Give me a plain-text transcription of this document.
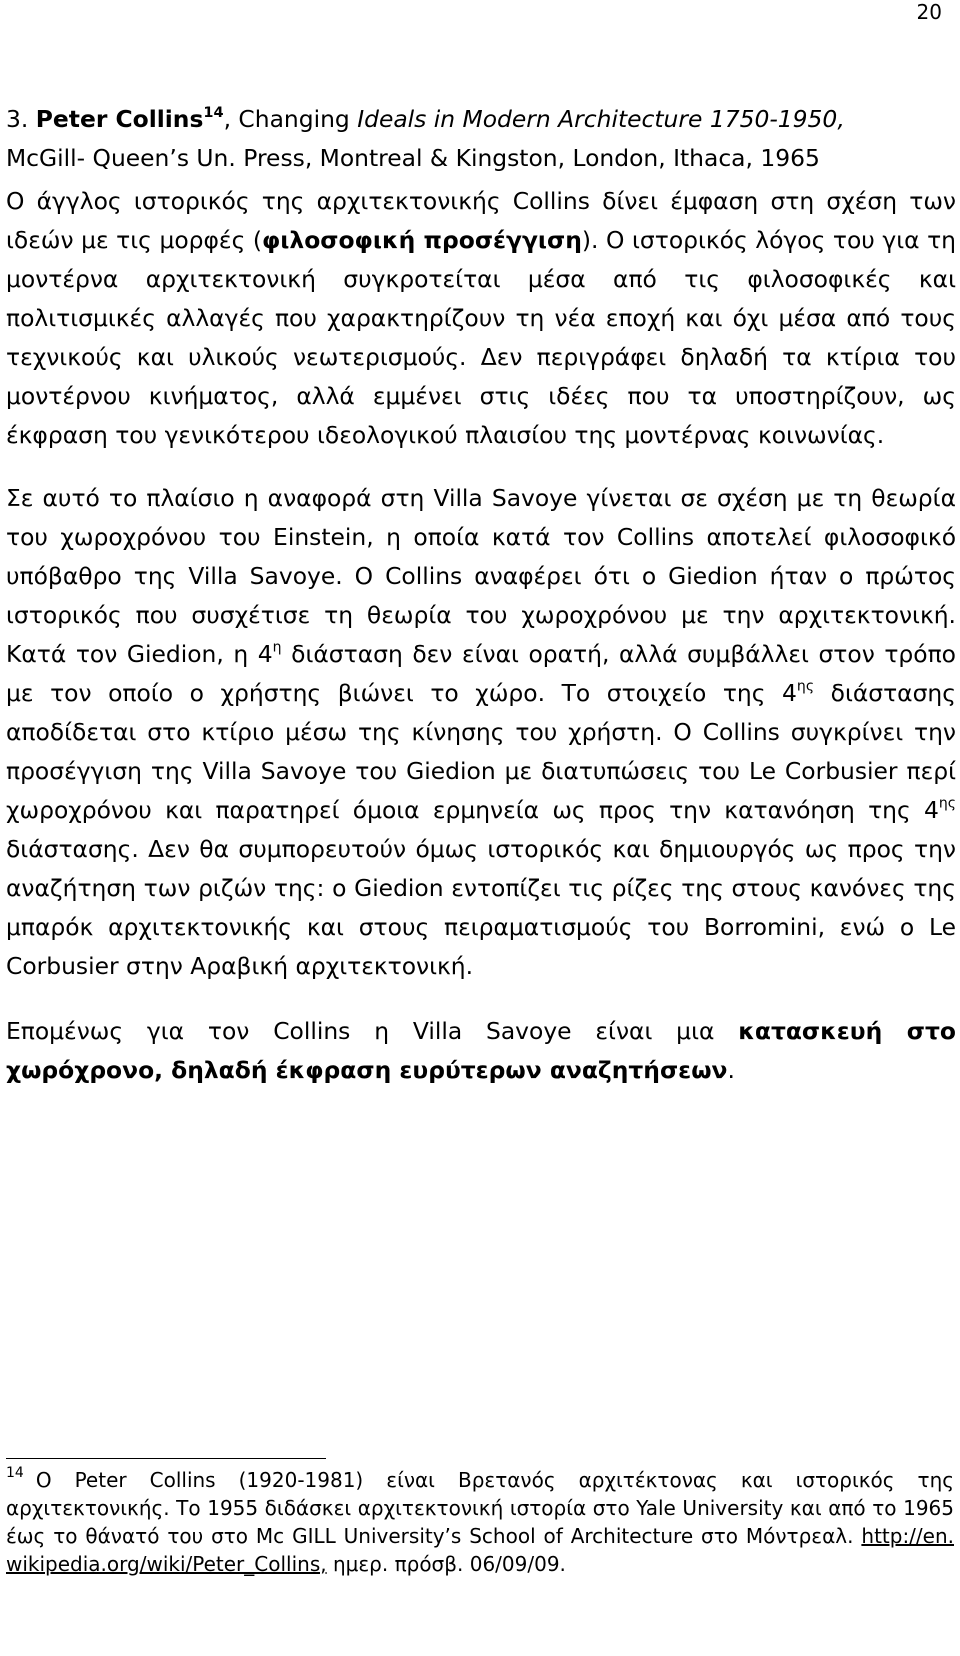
20

3. Peter Collins$^{14}$, Changing Ideals in Modern Architecture 1750-1950,
McGill- Queen’s Un. Press, Montreal & Kingston, London, Ithaca, 1965

Ο άγγλος ιστορικός της αρχιτεκτονικής Collins δίνει έμφαση στη σχέση των ιδεών με τις μορφές (φιλοσοφική προσέγγιση). Ο ιστορικός λόγος του για τη μοντέρνα αρχιτεκτονική συγκροτείται μέσα από τις φιλοσοφικές και πολιτισμικές αλλαγές που χαρακτηρίζουν τη νέα εποχή και όχι μέσα από τους τεχνικούς και υλικούς νεωτερισμούς. Δεν περιγράφει δηλαδή τα κτίρια του μοντέρνου κινήματος, αλλά εμμένει στις ιδέες που τα υποστηρίζουν, ως έκφραση του γενικότερου ιδεολογικού πλαισίου της μοντέρνας κοινωνίας.

Σε αυτό το πλαίσιο η αναφορά στη Villa Savoye γίνεται σε σχέση με τη θεωρία του χωροχρόνου του Einstein, η οποία κατά τον Collins αποτελεί φιλοσοφικό υπόβαθρο της Villa Savoye. Ο Collins αναφέρει ότι ο Giedion ήταν ο πρώτος ιστορικός που συσχέτισε τη θεωρία του χωροχρόνου με την αρχιτεκτονική. Κατά τον Giedion, η $4^\eta$ διάσταση δεν είναι ορατή, αλλά συμβάλλει στον τρόπο με τον οποίο ο χρήστης βιώνει το χώρο. Το στοιχείο της $4^{\eta\varsigma}$ διάστασης αποδίδεται στο κτίριο μέσω της κίνησης του χρήστη. Ο Collins συγκρίνει την προσέγγιση της Villa Savoye του Giedion με διατυπώσεις του Le Corbusier περί χωροχρόνου και παρατηρεί όμοια ερμηνεία ως προς την κατανόηση της $4^{\eta\varsigma}$ διάστασης. Δεν θα συμπορευτούν όμως ιστορικός και δημιουργός ως προς την αναζήτηση των ριζών της: ο Giedion εντοπίζει τις ρίζες της στους κανόνες της μπαρόκ αρχιτεκτονικής και στους πειραματισμούς του Borromini, ενώ ο Le Corbusier στην Αραβική αρχιτεκτονική.

Επομένως για τον Collins η Villa Savoye είναι μια κατασκευή στο χωρόχρονο, δηλαδή έκφραση ευρύτερων αναζητήσεων.

$^{14}$ Ο Peter Collins (1920-1981) είναι Βρετανός αρχιτέκτονας και ιστορικός της αρχιτεκτονικής. Το 1955 διδάσκει αρχιτεκτονική ιστορία στο Yale University και από το 1965 έως το θάνατό του στο Mc GILL University’s School of Architecture στο Μόντρεαλ. http://en. wikipedia.org/wiki/Peter_Collins, ημερ. πρόσβ. 06/09/09.
